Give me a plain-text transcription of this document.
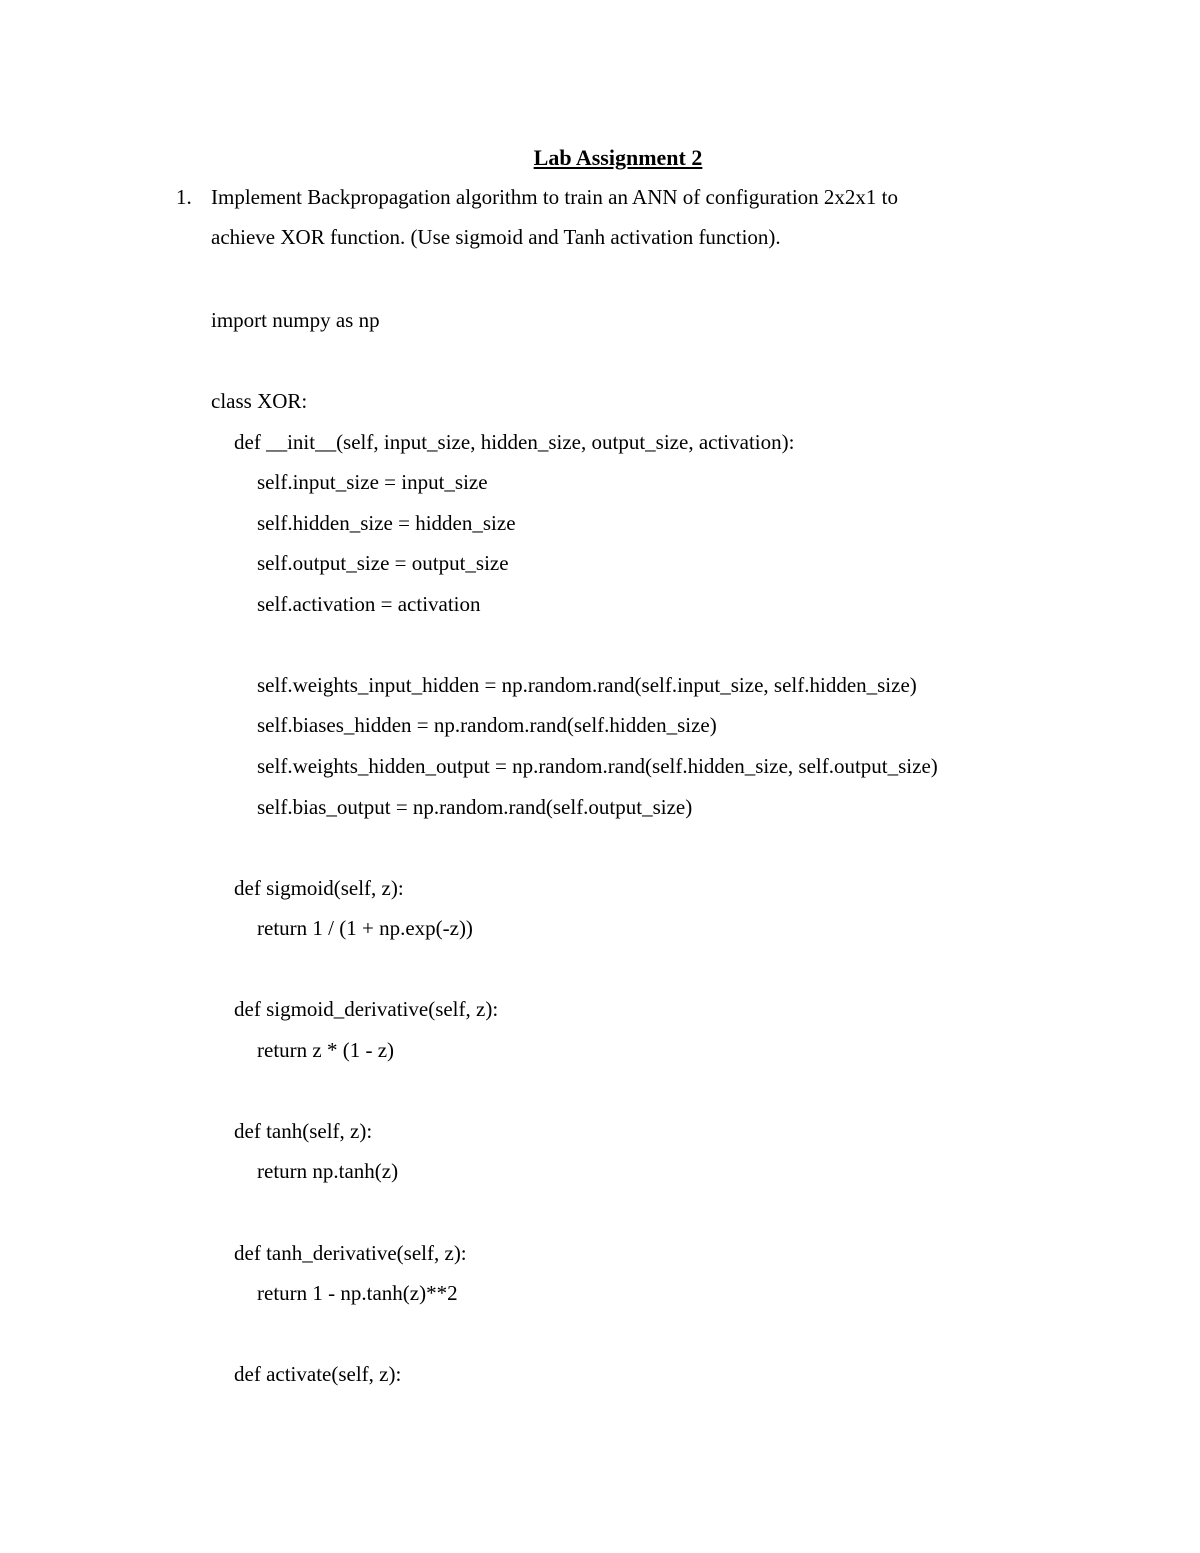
Lab Assignment 2
1. Implement Backpropagation algorithm to train an ANN of configuration 2x2x1 to
achieve XOR function. (Use sigmoid and Tanh activation function).
import numpy as np

class XOR:
def __init__(self, input_size, hidden_size, output_size, activation):
self.input_size = input_size
self.hidden_size = hidden_size
self.output_size = output_size
self.activation = activation

self.weights_input_hidden = np.random.rand(self.input_size, self.hidden_size)
self.biases_hidden = np.random.rand(self.hidden_size)
self.weights_hidden_output = np.random.rand(self.hidden_size, self.output_size)
self.bias_output = np.random.rand(self.output_size)

def sigmoid(self, z):
return 1 / (1 + np.exp(-z))

def sigmoid_derivative(self, z):
return z * (1 - z)

def tanh(self, z):
return np.tanh(z)

def tanh_derivative(self, z):
return 1 - np.tanh(z)**2

def activate(self, z):
